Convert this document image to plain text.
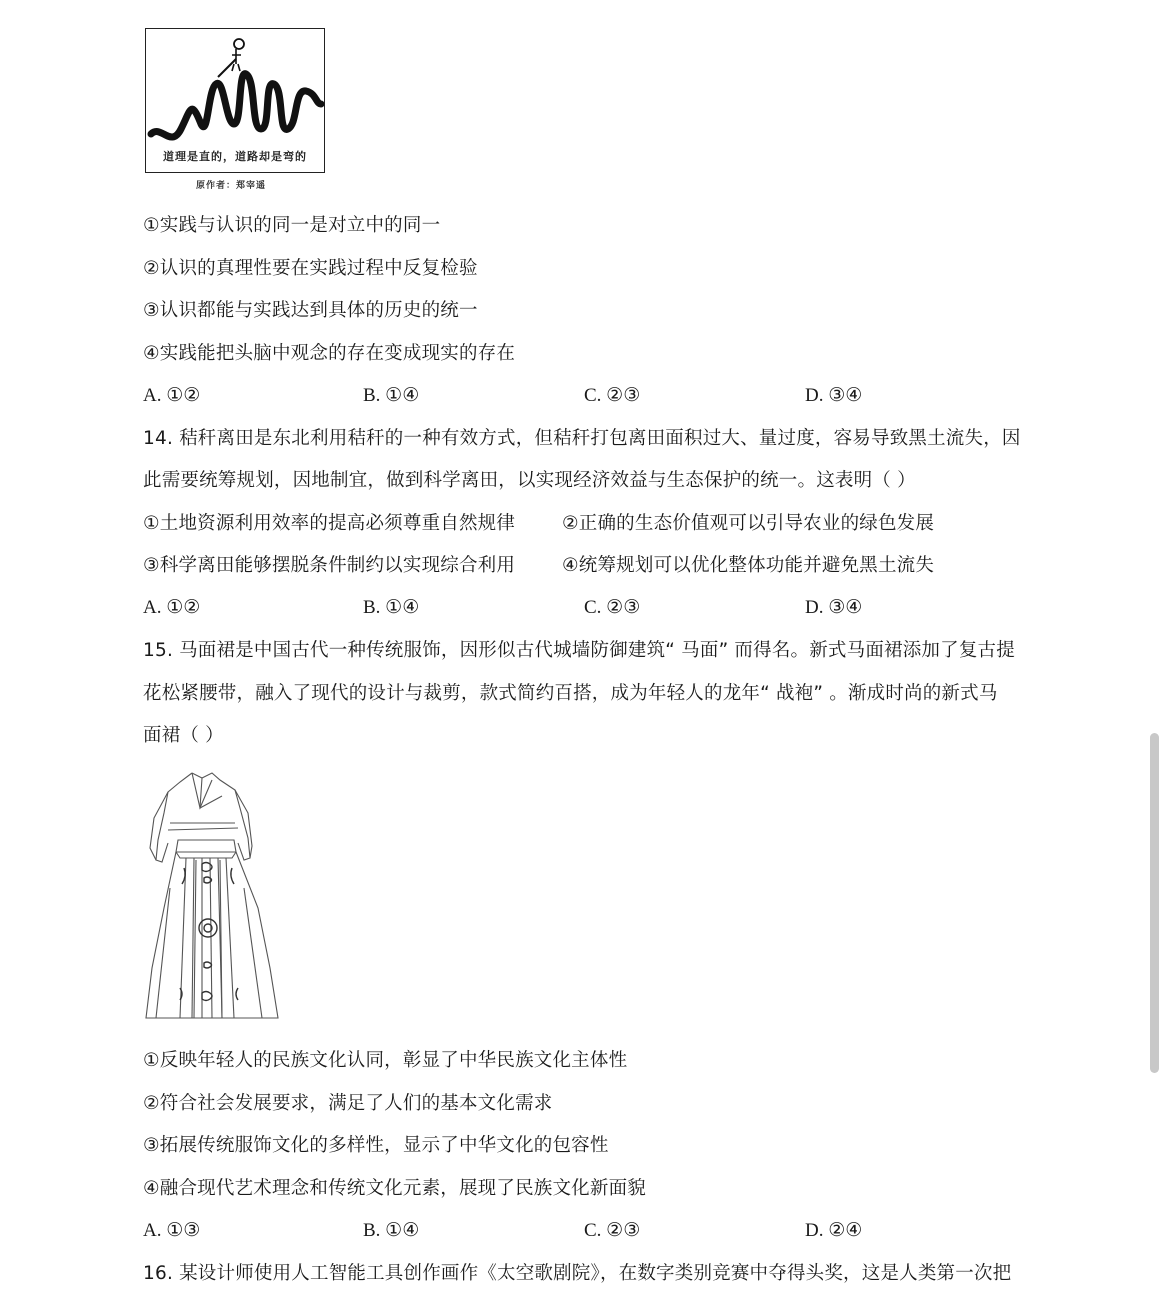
道理是直的，道路却是弯的
原作者：郑宰遥
①实践与认识的同一是对立中的同一
②认识的真理性要在实践过程中反复检验
③认识都能与实践达到具体的历史的统一
④实践能把头脑中观念的存在变成现实的存在
A. ①②	B. ①④	C. ②③	D. ③④
14. 秸秆离田是东北利用秸秆的一种有效方式，但秸秆打包离田面积过大、量过度，容易导致黑土流失，因
此需要统筹规划，因地制宜，做到科学离田，以实现经济效益与生态保护的统一。这表明（ ）
①土地资源利用效率的提高必须尊重自然规律	②正确的生态价值观可以引导农业的绿色发展
③科学离田能够摆脱条件制约以实现综合利用	④统筹规划可以优化整体功能并避免黑土流失
A. ①②	B. ①④	C. ②③	D. ③④
15. 马面裙是中国古代一种传统服饰，因形似古代城墙防御建筑“ 马面” 而得名。新式马面裙添加了复古提
花松紧腰带，融入了现代的设计与裁剪，款式简约百搭，成为年轻人的龙年“ 战袍” 。渐成时尚的新式马
面裙（ ）
①反映年轻人的民族文化认同，彰显了中华民族文化主体性
②符合社会发展要求，满足了人们的基本文化需求
③拓展传统服饰文化的多样性，显示了中华文化的包容性
④融合现代艺术理念和传统文化元素，展现了民族文化新面貌
A. ①③	B. ①④	C. ②③	D. ②④
16. 某设计师使用人工智能工具创作画作《太空歌剧院》，在数字类别竞赛中夺得头奖，这是人类第一次把
